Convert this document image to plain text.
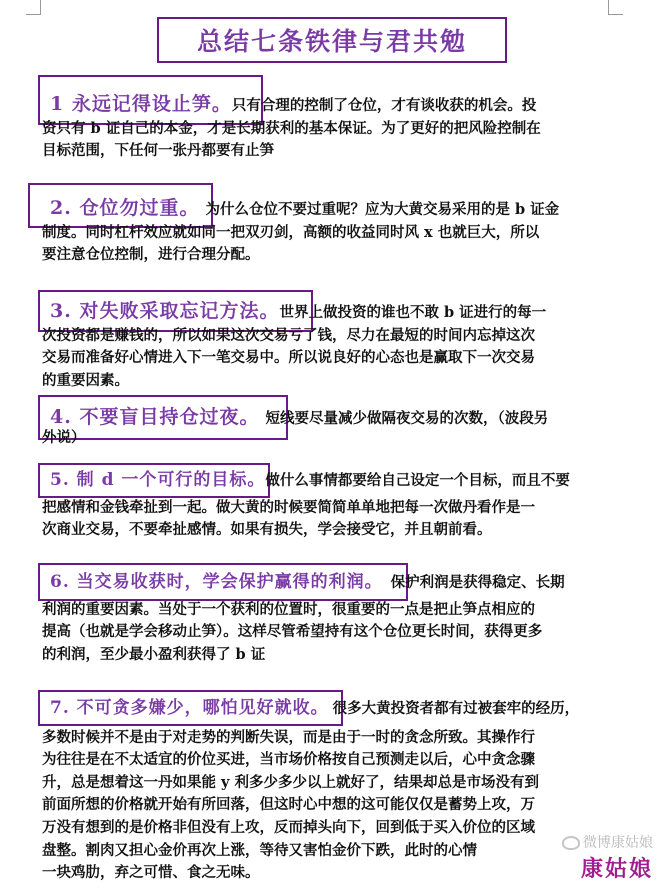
总结七条铁律与君共勉
1 永远记得设止笋。只有合理的控制了仓位，才有谈收获的机会。投
资只有 b 证自己的本金，才是长期获利的基本保证。为了更好的把风险控制在
目标范围，下任何一张丹都要有止笋
2. 仓位勿过重。 为什么仓位不要过重呢？应为大黄交易采用的是 b 证金
制度。同时杠杆效应就如同一把双刃剑，高额的收益同时风 x 也就巨大，所以
要注意仓位控制，进行合理分配。
3. 对失败采取忘记方法。世界上做投资的谁也不敢 b 证进行的每一
次投资都是赚钱的，所以如果这次交易亏了钱，尽力在最短的时间内忘掉这次
交易而准备好心情进入下一笔交易中。所以说良好的心态也是赢取下一次交易
的重要因素。
4. 不要盲目持仓过夜。 短线要尽量减少做隔夜交易的次数，（波段另
外说）
5. 制 d 一个可行的目标。做什么事情都要给自己设定一个目标，而且不要
把感情和金钱牵扯到一起。做大黄的时候要简简单单地把每一次做丹看作是一
次商业交易，不要牵扯感情。如果有损失，学会接受它，并且朝前看。
6. 当交易收获时，学会保护赢得的利润。 保护利润是获得稳定、长期
利润的重要因素。当处于一个获利的位置时，很重要的一点是把止笋点相应的
提高（也就是学会移动止笋）。这样尽管希望持有这个仓位更长时间，获得更多
的利润，至少最小盈利获得了 b 证
7. 不可贪多嫌少，哪怕见好就收。 很多大黄投资者都有过被套牢的经历，
多数时候并不是由于对走势的判断失误，而是由于一时的贪念所致。其操作行
为往往是在不太适宜的价位买进，当市场价格按自己预测走以后，心中贪念骤
升，总是想着这一丹如果能 y 利多少多少以上就好了，结果却总是市场没有到
前面所想的价格就开始有所回落，但这时心中想的这可能仅仅是蓄势上攻，万
万没有想到的是价格非但没有上攻，反而掉头向下，回到低于买入价位的区域
盘整。割肉又担心金价再次上涨，等待又害怕金价下跌，此时的心情
一块鸡肋，弃之可惜、食之无味。
微博康姑娘
康姑娘
